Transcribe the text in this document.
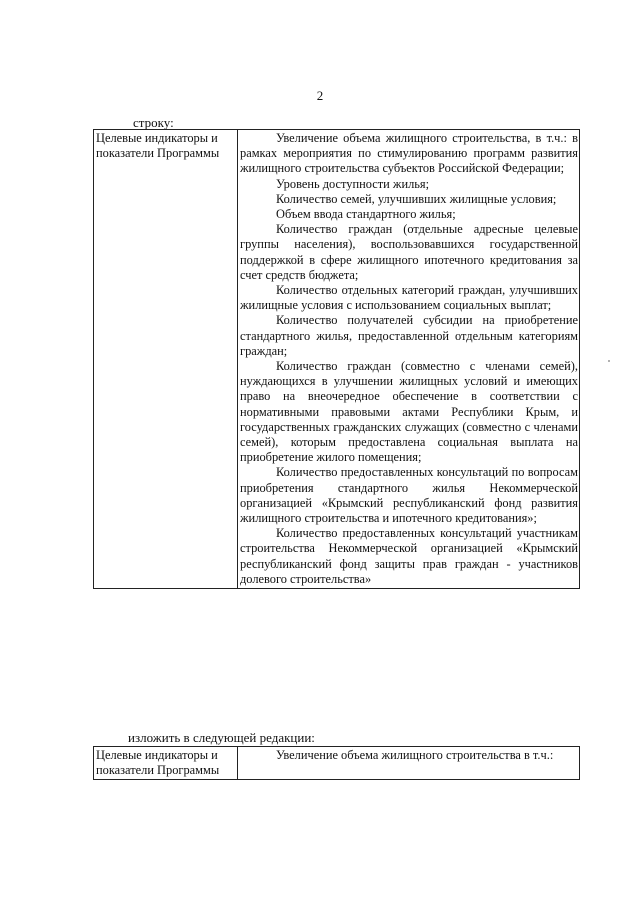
2
строку:
Целевые индикаторы и показатели Программы	

Увеличение объема жилищного строительства, в т.ч.: в рамках мероприятия по стимулированию программ развития жилищного строительства субъектов Российской Федерации;

Уровень доступности жилья;

Количество семей, улучшивших жилищные условия;

Объем ввода стандартного жилья;

Количество граждан (отдельные адресные целевые группы населения), воспользовавшихся государственной поддержкой в сфере жилищного ипотечного кредитования за счет средств бюджета;

Количество отдельных категорий граждан, улучшивших жилищные условия с использованием социальных выплат;

Количество получателей субсидии на приобретение стандартного жилья, предоставленной отдельным категориям граждан;

Количество граждан (совместно с членами семей), нуждающихся в улучшении жилищных условий и имеющих право на внеочередное обеспечение в соответствии с нормативными правовыми актами Республики Крым, и государственных гражданских служащих (совместно с членами семей), которым предоставлена социальная выплата на приобретение жилого помещения;

Количество предоставленных консультаций по вопросам приобретения стандартного жилья Некоммерческой организацией «Крымский республиканский фонд развития жилищного строительства и ипотечного кредитования»;

Количество предоставленных консультаций участникам строительства Некоммерческой организацией «Крымский республиканский фонд защиты прав граждан - участников долевого строительства»

изложить в следующей редакции:
Целевые индикаторы и показатели Программы	

Увеличение объема жилищного строительства в т.ч.:
